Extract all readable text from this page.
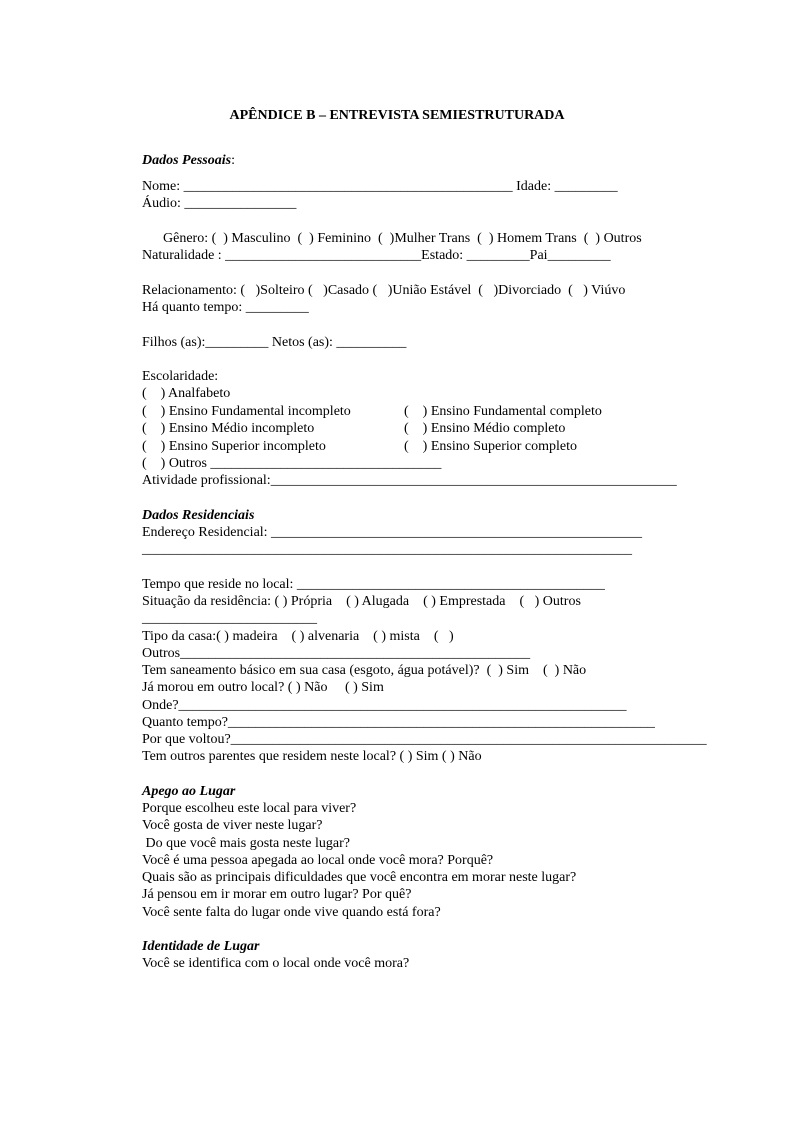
APÊNDICE B – ENTREVISTA SEMIESTRUTURADA
Dados Pessoais:
Nome: _______________________________________________ Idade: _________
Áudio: ________________
Gênero: (  ) Masculino  (  ) Feminino  (  )Mulher Trans  (  ) Homem Trans  (  ) Outros
Naturalidade : ____________________________Estado: _________Pai_________
Relacionamento: (   )Solteiro (   )Casado (   )União Estável  (   )Divorciado  (   ) Viúvo
Há quanto tempo: _________
Filhos (as):_________ Netos (as): __________
Escolaridade:
(    ) Analfabeto
(    ) Ensino Fundamental incompleto	(    ) Ensino Fundamental completo
(    ) Ensino Médio incompleto	(    ) Ensino Médio completo
(    ) Ensino Superior incompleto	(    ) Ensino Superior completo
(    ) Outros _________________________________
Atividade profissional:__________________________________________________________
Dados Residenciais
Endereço Residencial: _____________________________________________________
______________________________________________________________________
Tempo que reside no local: ____________________________________________
Situação da residência: ( ) Própria    ( ) Alugada    ( ) Emprestada    (   ) Outros
_________________________
Tipo da casa:( ) madeira    ( ) alvenaria    ( ) mista    (   )
Outros__________________________________________________
Tem saneamento básico em sua casa (esgoto, água potável)?  (  ) Sim    (  ) Não
Já morou em outro local? ( ) Não     ( ) Sim
Onde?________________________________________________________________
Quanto tempo?_____________________________________________________________
Por que voltou?____________________________________________________________________
Tem outros parentes que residem neste local? ( ) Sim ( ) Não
Apego ao Lugar
Porque escolheu este local para viver?
Você gosta de viver neste lugar?
Do que você mais gosta neste lugar?
Você é uma pessoa apegada ao local onde você mora? Porquê?
Quais são as principais dificuldades que você encontra em morar neste lugar?
Já pensou em ir morar em outro lugar? Por quê?
Você sente falta do lugar onde vive quando está fora?
Identidade de Lugar
Você se identifica com o local onde você mora?
